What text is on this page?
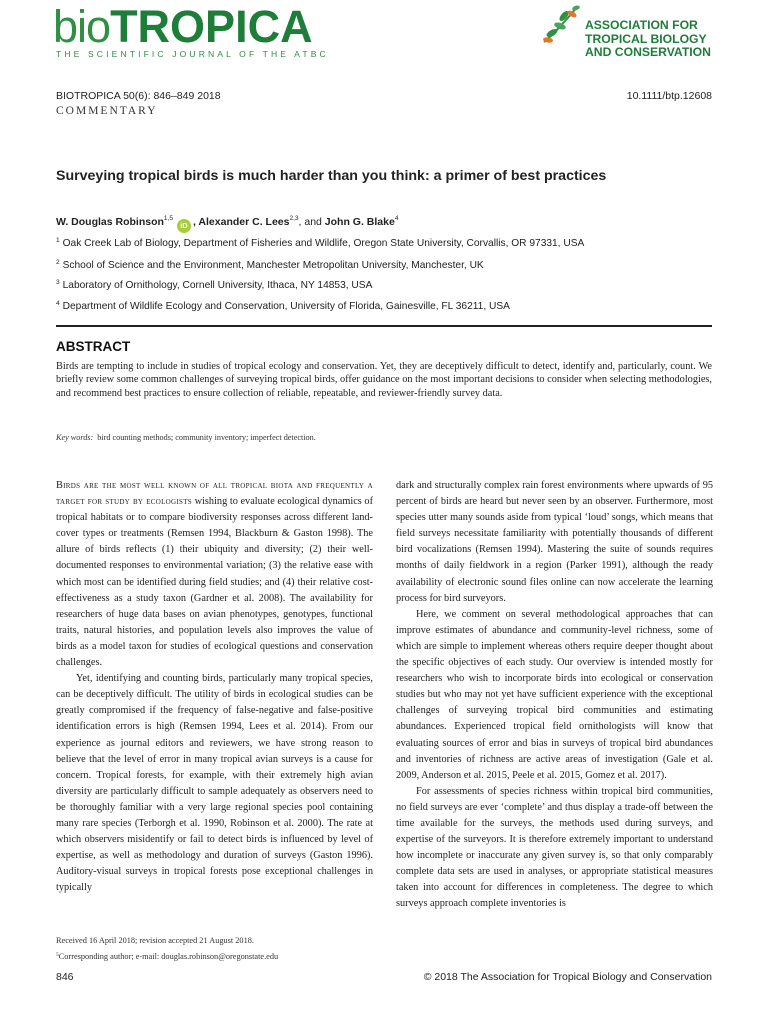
bioTROPICA
THE SCIENTIFIC JOURNAL OF THE ATBC
ASSOCIATION FOR
TROPICAL BIOLOGY
AND CONSERVATION
BIOTROPICA 50(6): 846–849 2018	10.1111/btp.12608
COMMENTARY
Surveying tropical birds is much harder than you think: a primer of best practices
W. Douglas Robinson$^{1,5}$iD , Alexander C. Lees$^{2,3}$, and John G. Blake$^4$
$^1$ Oak Creek Lab of Biology, Department of Fisheries and Wildlife, Oregon State University, Corvallis, OR 97331, USA
$^2$ School of Science and the Environment, Manchester Metropolitan University, Manchester, UK
$^3$ Laboratory of Ornithology, Cornell University, Ithaca, NY 14853, USA
$^4$ Department of Wildlife Ecology and Conservation, University of Florida, Gainesville, FL 36211, USA
ABSTRACT
Birds are tempting to include in studies of tropical ecology and conservation. Yet, they are deceptively difficult to detect, identify and, particularly, count. We briefly review some common challenges of surveying tropical birds, offer guidance on the most important decisions to consider when selecting methodologies, and recommend best practices to ensure collection of reliable, repeatable, and reviewer-friendly survey data.
Key words: bird counting methods; community inventory; imperfect detection.

Birds are the most well known of all tropical biota and frequently a target for study by ecologists wishing to evaluate ecological dynamics of tropical habitats or to compare biodiversity responses across different land-cover types or treatments (Remsen 1994, Blackburn & Gaston 1998). The allure of birds reflects (1) their ubiquity and diversity; (2) their well-documented responses to environmental variation; (3) the relative ease with which most can be identified during field studies; and (4) their relative cost-effectiveness as a study taxon (Gardner et al. 2008). The availability for researchers of huge data bases on avian phenotypes, genotypes, functional traits, natural histories, and population levels also improves the value of birds as a model taxon for studies of ecological questions and conservation challenges.

Yet, identifying and counting birds, particularly many tropical species, can be deceptively difficult. The utility of birds in ecological studies can be greatly compromised if the frequency of false-negative and false-positive identification errors is high (Remsen 1994, Lees et al. 2014). From our experience as journal editors and reviewers, we have strong reason to believe that the level of error in many tropical avian surveys is a cause for concern. Tropical forests, for example, with their extremely high avian diversity are particularly difficult to sample adequately as observers need to be thoroughly familiar with a very large regional species pool containing many rare species (Terborgh et al. 1990, Robinson et al. 2000). The rate at which observers misidentify or fail to detect birds is influenced by level of expertise, as well as methodology and duration of surveys (Gaston 1996). Auditory-visual surveys in tropical forests pose exceptional challenges in typically

dark and structurally complex rain forest environments where upwards of 95 percent of birds are heard but never seen by an observer. Furthermore, most species utter many sounds aside from typical ‘loud’ songs, which means that field surveys necessitate familiarity with potentially thousands of different bird vocalizations (Remsen 1994). Mastering the suite of sounds requires months of daily fieldwork in a region (Parker 1991), although the ready availability of electronic sound files online can now accelerate the learning process for bird surveyors.

Here, we comment on several methodological approaches that can improve estimates of abundance and community-level richness, some of which are simple to implement whereas others require deeper thought about the specific objectives of each study. Our overview is intended mostly for researchers who wish to incorporate birds into ecological or conservation studies but who may not yet have sufficient experience with the exceptional challenges of surveying tropical bird communities and estimating abundances. Experienced tropical field ornithologists will know that evaluating sources of error and bias in surveys of tropical bird abundances and inventories of richness are active areas of investigation (Gale et al. 2009, Anderson et al. 2015, Peele et al. 2015, Gomez et al. 2017).

For assessments of species richness within tropical bird communities, no field surveys are ever ‘complete’ and thus display a trade-off between the time available for the surveys, the methods used during surveys, and expertise of the surveyors. It is therefore extremely important to understand how incomplete or inaccurate any given survey is, so that only comparably complete data sets are used in analyses, or appropriate statistical measures taken into account for differences in completeness. The degree to which surveys approach complete inventories is

Received 16 April 2018; revision accepted 21 August 2018.
$^5$Corresponding author; e-mail: douglas.robinson@oregonstate.edu
846	© 2018 The Association for Tropical Biology and Conservation
